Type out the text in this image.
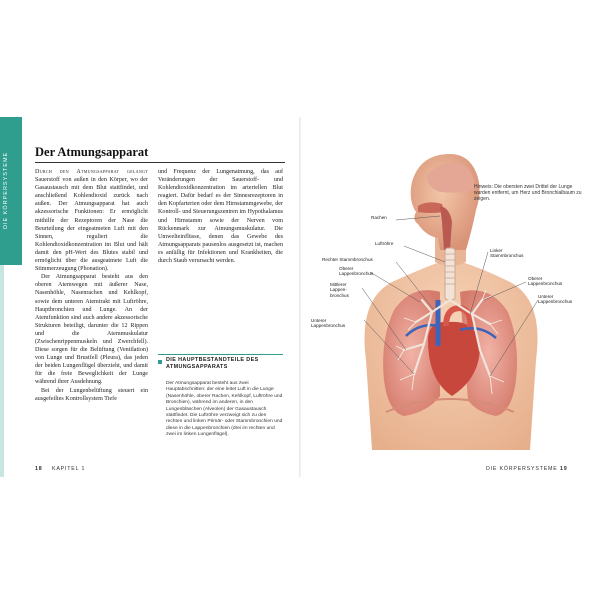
DIE KÖRPERSYSTEME	Der Atmungsapparat

Durch den Atmungsapparat gelangt Sauerstoff von außen in den Körper, wo der Gasaustausch mit dem Blut stattfindet, und anschließend Kohlendioxid zurück nach außen. Der Atmungsapparat hat auch akzessorische Funktionen: Er ermöglicht mithilfe der Rezeptoren der Nase die Beurteilung der eingeatmeten Luft mit den Sinnen, reguliert die Kohlendioxidkonzentration im Blut und hält damit den pH-Wert des Blutes stabil und ermöglicht über die ausgeatmete Luft die Stimmerzeugung (Phonation).

Der Atmungsapparat besteht aus den oberen Atemwegen mit äußerer Nase, Nasenhöhle, Nasenrachen und Kehlkopf, sowie dem unteren Atemtrakt mit Luftröhre, Hauptbronchien und Lunge. An der Atemfunktion sind auch andere akzessorische Strukturen beteiligt, darunter die 12 Rippen und die Atemmuskulatur (Zwischenrippenmuskeln und Zwerchfell). Diese sorgen für die Belüftung (Ventilation) von Lunge und Brustfell (Pleura), das jeden der beiden Lungenflügel überzieht, und damit für die freie Beweglichkeit der Lunge während ihrer Ausdehnung.

Bei der Lungenbelüftung steuert ein ausgefeiltes Kontrollsystem Tiefe

und Frequenz der Lungenatmung, das auf Veränderungen der Sauerstoff- und Kohlendioxidkonzentration im arteriellen Blut reagiert. Dafür bedarf es der Sinnesrezeptoren in den Kopfarterien oder dem Hirnstammgewebe, der Kontroll- und Steuerungszentren im Hypothalamus und Hirnstamm sowie der Nerven vom Rückenmark zur Atmungsmuskulatur. Die Umwelteinflüsse, denen das Gewebe des Atmungsapparats pausenlos ausgesetzt ist, machen es anfällig für Infektionen und Krankheiten, die durch Staub verursacht werden.

DIE HAUPTBESTANDTEILE DES ATMUNGSAPPARATS
Der Atmungsapparat besteht aus zwei Hauptabschnitten: der eine leitet Luft in die Lunge (Nasenhöhle, oberer Rachen, Kehlkopf, Luftröhre und Bronchien), während im anderen, in den Lungenbläschen (Alveolen) der Gasaustausch stattfindet. Die Luftröhre verzweigt sich zu den rechten und linken Primär- oder Stammbronchien und diese in die Lappenbronchien (drei im rechten und zwei im linken Lungenflügel).
Rachen
Luftröhre
Rechter Stammbronchus
Oberer
Lappenbronchus
Mittlerer
Lappen-
bronchus
Unterer
Lappenbronchus
Linker
Stammbronchus
Oberer
Lappenbronchus
Unterer
Lappenbronchus
Hinweis: Die obersten zwei Drittel der Lunge wurden entfernt, um Herz und Bronchialbaum zu zeigen.
18 KAPITEL 1	DIE KÖRPERSYSTEME 19
